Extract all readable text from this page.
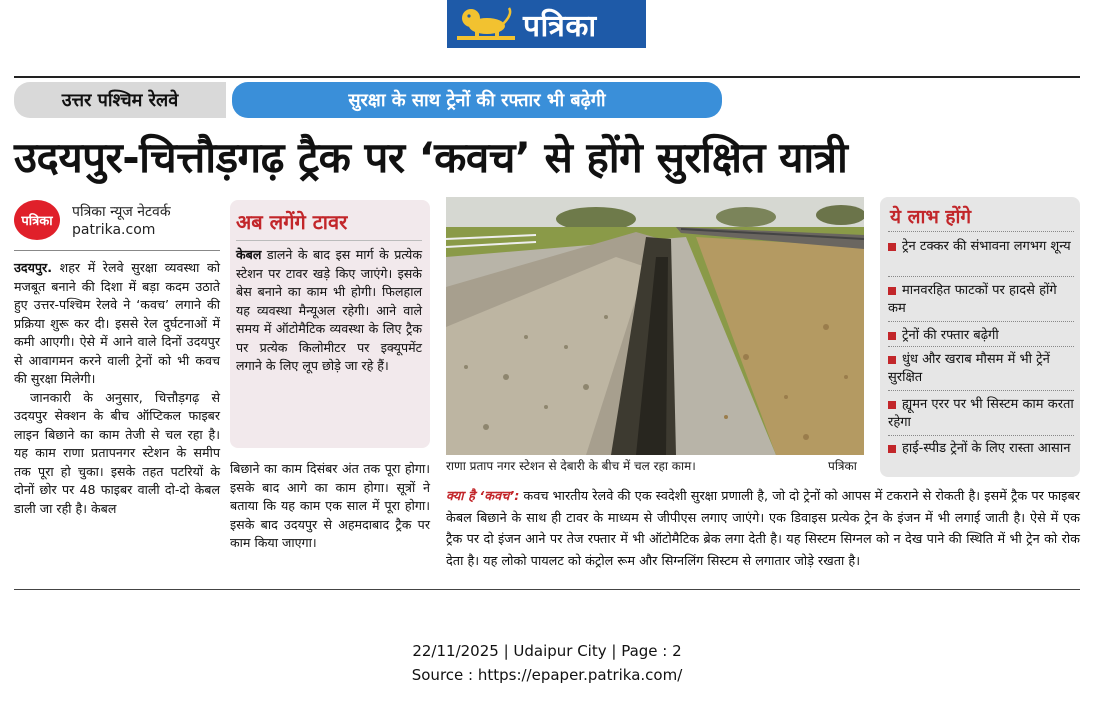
पत्रिका
उत्तर पश्चिम रेलवे	सुरक्षा के साथ ट्रेनों की रफ्तार भी बढ़ेगी
उदयपुर-चित्तौड़गढ़ ट्रैक पर ‘कवच’ से होंगे सुरक्षित यात्री
पत्रिका
पत्रिका न्यूज नेटवर्क
patrika.com
उदयपुर. शहर में रेलवे सुरक्षा व्यवस्था को मजबूत बनाने की दिशा में बड़ा कदम उठाते हुए उत्तर-पश्चिम रेलवे ने ‘कवच’ लगाने की प्रक्रिया शुरू कर दी। इससे रेल दुर्घटनाओं में कमी आएगी। ऐसे में आने वाले दिनों उदयपुर से आवागमन करने वाली ट्रेनों को भी कवच की सुरक्षा मिलेगी।
जानकारी के अनुसार, चित्तौड़गढ़ से उदयपुर सेक्शन के बीच ऑप्टिकल फाइबर लाइन बिछाने का काम तेजी से चल रहा है। यह काम राणा प्रतापनगर स्टेशन के समीप तक पूरा हो चुका। इसके तहत पटरियों के दोनों छोर पर 48 फाइबर वाली दो-दो केबल डाली जा रही है। केबल
अब लगेंगे टावर
केबल डालने के बाद इस मार्ग के प्रत्येक स्टेशन पर टावर खड़े किए जाएंगे। इसके बेस बनाने का काम भी होगी। फिलहाल यह व्यवस्था मैन्यूअल रहेगी। आने वाले समय में ऑटोमैटिक व्यवस्था के लिए ट्रैक पर प्रत्येक किलोमीटर पर इक्यूपमेंट लगाने के लिए लूप छोड़े जा रहे हैं।
बिछाने का काम दिसंबर अंत तक पूरा होगा। इसके बाद आगे का काम होगा। सूत्रों ने बताया कि यह काम एक साल में पूरा होगा। इसके बाद उदयपुर से अहमदाबाद ट्रैक पर काम किया जाएगा।
राणा प्रताप नगर स्टेशन से देबारी के बीच में चल रहा काम।	पत्रिका
ये लाभ होंगे
ट्रेन टक्कर की संभावना लगभग शून्य
मानवरहित फाटकों पर हादसे होंगे कम
ट्रेनों की रफ्तार बढ़ेगी
धुंध और खराब मौसम में भी ट्रेनें सुरक्षित
ह्यूमन एरर पर भी सिस्टम काम करता रहेगा
हाई-स्पीड ट्रेनों के लिए रास्ता आसान
क्या है ‘कवच’: कवच भारतीय रेलवे की एक स्वदेशी सुरक्षा प्रणाली है, जो दो ट्रेनों को आपस में टकराने से रोकती है। इसमें ट्रैक पर फाइबर केबल बिछाने के साथ ही टावर के माध्यम से जीपीएस लगाए जाएंगे। एक डिवाइस प्रत्येक ट्रेन के इंजन में भी लगाई जाती है। ऐसे में एक ट्रैक पर दो इंजन आने पर तेज रफ्तार में भी ऑटोमैटिक ब्रेक लगा देती है। यह सिस्टम सिग्नल को न देख पाने की स्थिति में भी ट्रेन को रोक देता है। यह लोको पायलट को कंट्रोल रूम और सिग्नलिंग सिस्टम से लगातार जोड़े रखता है।
22/11/2025 | Udaipur City | Page : 2
Source : https://epaper.patrika.com/
